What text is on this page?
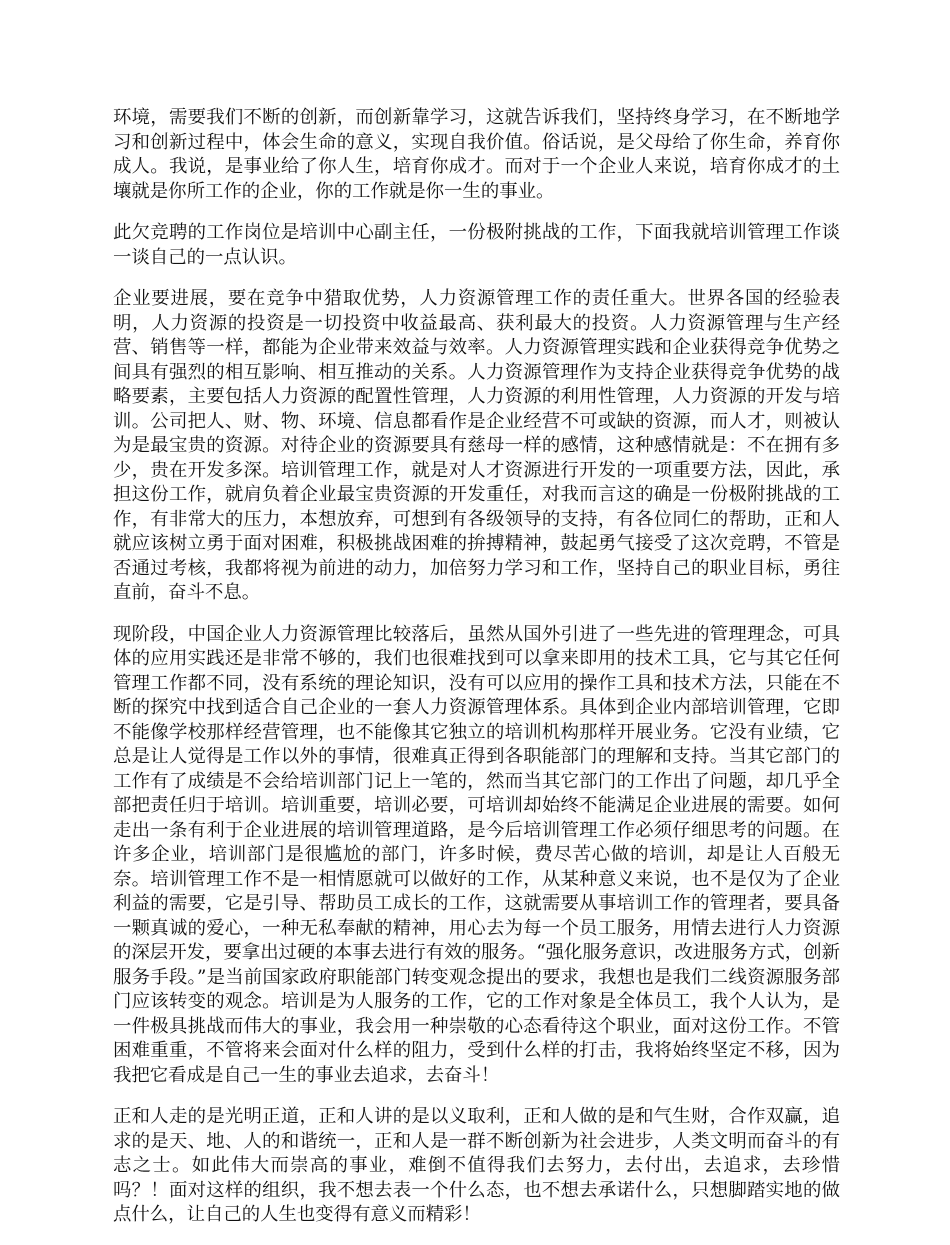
环境，需要我们不断的创新，而创新靠学习，这就告诉我们，坚持终身学习，在不断地学习和创新过程中，体会生命的意义，实现自我价值。俗话说，是父母给了你生命，养育你成人。我说，是事业给了你人生，培育你成才。而对于一个企业人来说，培育你成才的土壤就是你所工作的企业，你的工作就是你一生的事业。

此欠竞聘的工作岗位是培训中心副主任，一份极附挑战的工作，下面我就培训管理工作谈一谈自己的一点认识。

企业要进展，要在竞争中猎取优势，人力资源管理工作的责任重大。世界各国的经验表明，人力资源的投资是一切投资中收益最高、获利最大的投资。人力资源管理与生产经营、销售等一样，都能为企业带来效益与效率。人力资源管理实践和企业获得竞争优势之间具有强烈的相互影响、相互推动的关系。人力资源管理作为支持企业获得竞争优势的战略要素，主要包括人力资源的配置性管理，人力资源的利用性管理，人力资源的开发与培训。公司把人、财、物、环境、信息都看作是企业经营不可或缺的资源，而人才，则被认为是最宝贵的资源。对待企业的资源要具有慈母一样的感情，这种感情就是：不在拥有多少，贵在开发多深。培训管理工作，就是对人才资源进行开发的一项重要方法，因此，承担这份工作，就肩负着企业最宝贵资源的开发重任，对我而言这的确是一份极附挑战的工作，有非常大的压力，本想放弃，可想到有各级领导的支持，有各位同仁的帮助，正和人就应该树立勇于面对困难，积极挑战困难的拚搏精神，鼓起勇气接受了这次竞聘，不管是否通过考核，我都将视为前进的动力，加倍努力学习和工作，坚持自己的职业目标，勇往直前，奋斗不息。

现阶段，中国企业人力资源管理比较落后，虽然从国外引进了一些先进的管理理念，可具体的应用实践还是非常不够的，我们也很难找到可以拿来即用的技术工具，它与其它任何管理工作都不同，没有系统的理论知识，没有可以应用的操作工具和技术方法，只能在不断的探究中找到适合自己企业的一套人力资源管理体系。具体到企业内部培训管理，它即不能像学校那样经营管理，也不能像其它独立的培训机构那样开展业务。它没有业绩，它总是让人觉得是工作以外的事情，很难真正得到各职能部门的理解和支持。当其它部门的工作有了成绩是不会给培训部门记上一笔的，然而当其它部门的工作出了问题，却几乎全部把责任归于培训。培训重要，培训必要，可培训却始终不能满足企业进展的需要。如何走出一条有利于企业进展的培训管理道路，是今后培训管理工作必须仔细思考的问题。在许多企业，培训部门是很尴尬的部门，许多时候，费尽苦心做的培训，却是让人百般无奈。培训管理工作不是一相情愿就可以做好的工作，从某种意义来说，也不是仅为了企业利益的需要，它是引导、帮助员工成长的工作，这就需要从事培训工作的管理者，要具备一颗真诚的爱心，一种无私奉献的精神，用心去为每一个员工服务，用情去进行人力资源的深层开发，要拿出过硬的本事去进行有效的服务。“强化服务意识，改进服务方式，创新服务手段。”是当前国家政府职能部门转变观念提出的要求，我想也是我们二线资源服务部门应该转变的观念。培训是为人服务的工作，它的工作对象是全体员工，我个人认为，是一件极具挑战而伟大的事业，我会用一种崇敬的心态看待这个职业，面对这份工作。不管困难重重，不管将来会面对什么样的阻力，受到什么样的打击，我将始终坚定不移，因为我把它看成是自己一生的事业去追求，去奋斗！

正和人走的是光明正道，正和人讲的是以义取利，正和人做的是和气生财，合作双赢，追求的是天、地、人的和谐统一，正和人是一群不断创新为社会进步，人类文明而奋斗的有志之士。如此伟大而崇高的事业，难倒不值得我们去努力，去付出，去追求，去珍惜吗？！面对这样的组织，我不想去表一个什么态，也不想去承诺什么，只想脚踏实地的做点什么，让自己的人生也变得有意义而精彩！
